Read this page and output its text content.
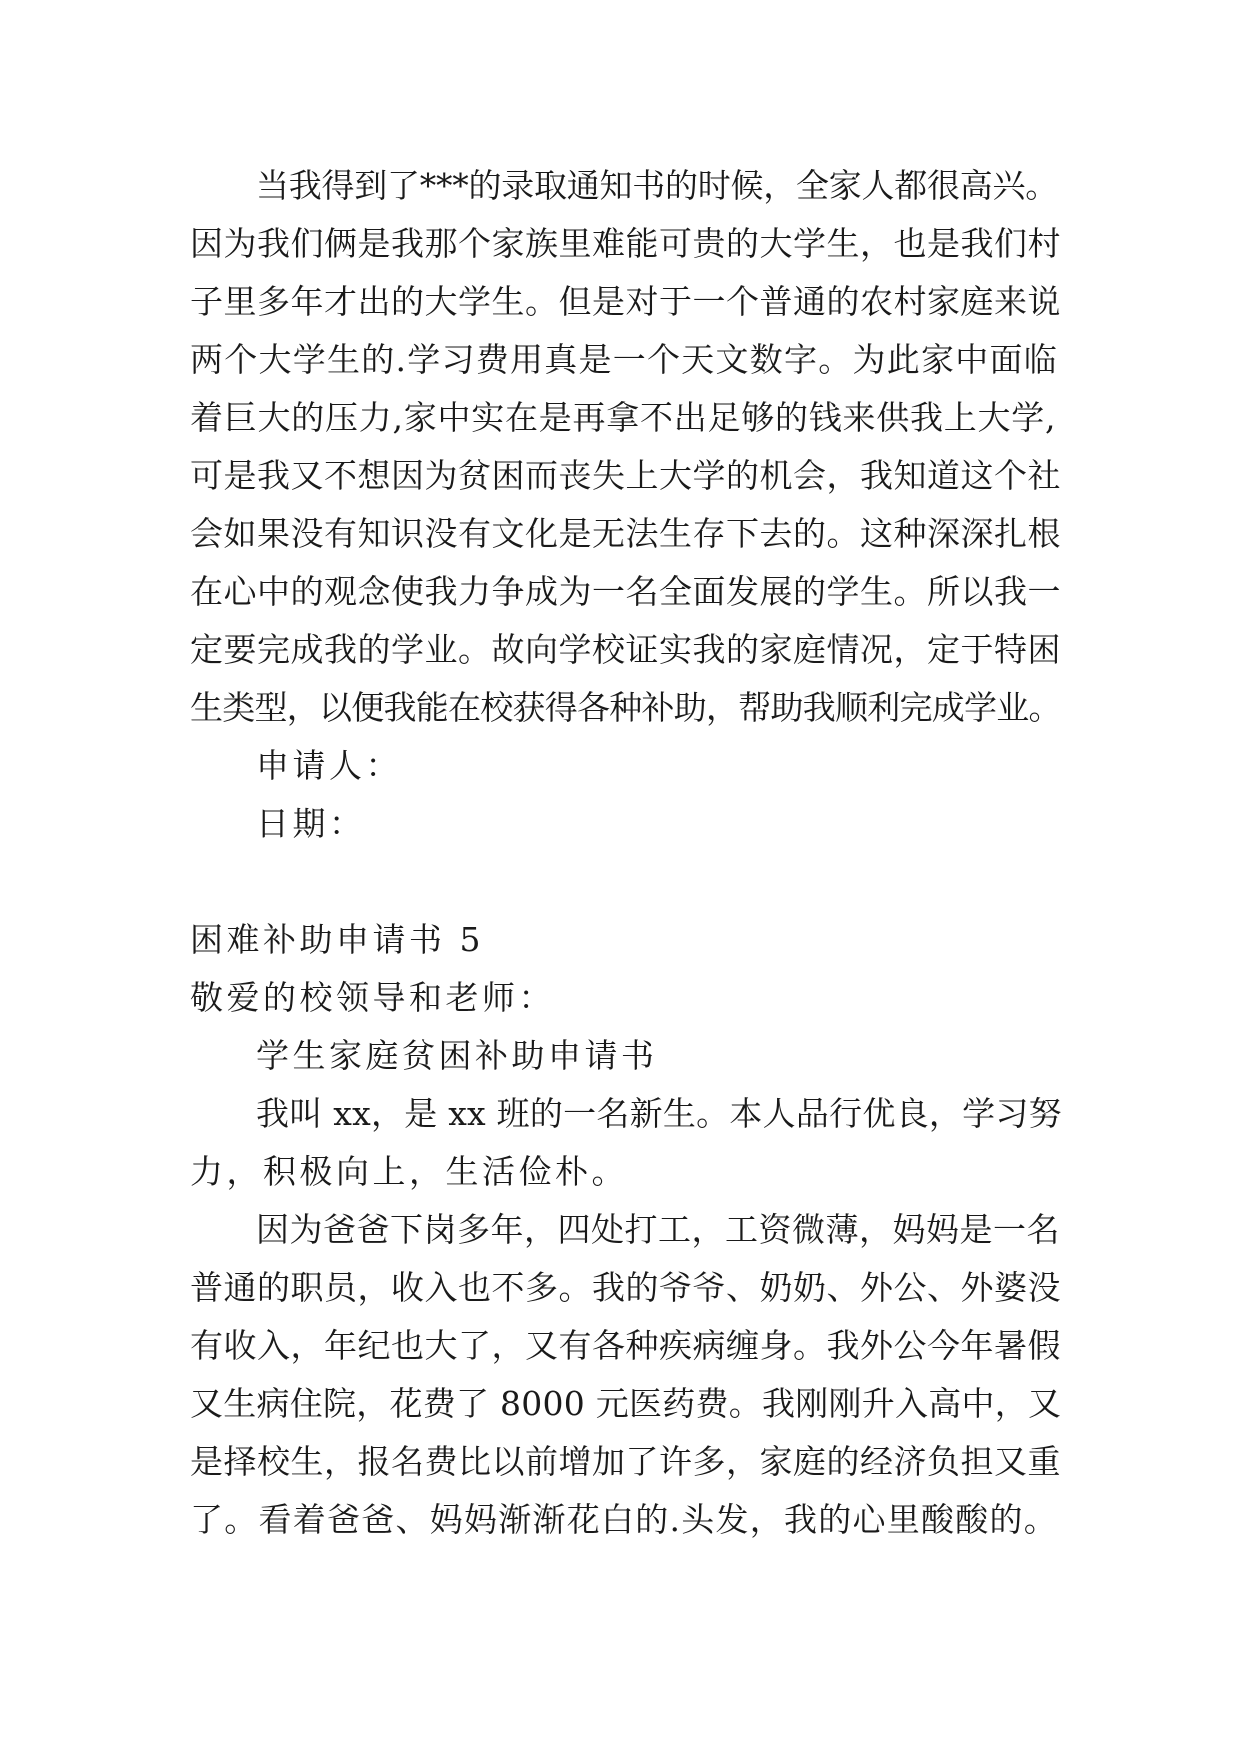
当我得到了***的录取通知书的时候，全家人都很高兴。
因为我们俩是我那个家族里难能可贵的大学生，也是我们村
子里多年才出的大学生。但是对于一个普通的农村家庭来说
两个大学生的.学习费用真是一个天文数字。为此家中面临
着巨大的压力,家中实在是再拿不出足够的钱来供我上大学,
可是我又不想因为贫困而丧失上大学的机会，我知道这个社
会如果没有知识没有文化是无法生存下去的。这种深深扎根
在心中的观念使我力争成为一名全面发展的学生。所以我一
定要完成我的学业。故向学校证实我的家庭情况，定于特困
生类型，以便我能在校获得各种补助，帮助我顺利完成学业。
申请人：
日期：
困难补助申请书 5
敬爱的校领导和老师：
学生家庭贫困补助申请书
我叫 xx，是 xx 班的一名新生。本人品行优良，学习努
力，积极向上，生活俭朴。
因为爸爸下岗多年，四处打工，工资微薄，妈妈是一名
普通的职员，收入也不多。我的爷爷、奶奶、外公、外婆没
有收入，年纪也大了，又有各种疾病缠身。我外公今年暑假
又生病住院，花费了 8000 元医药费。我刚刚升入高中，又
是择校生，报名费比以前增加了许多，家庭的经济负担又重
了。看着爸爸、妈妈渐渐花白的.头发，我的心里酸酸的。
